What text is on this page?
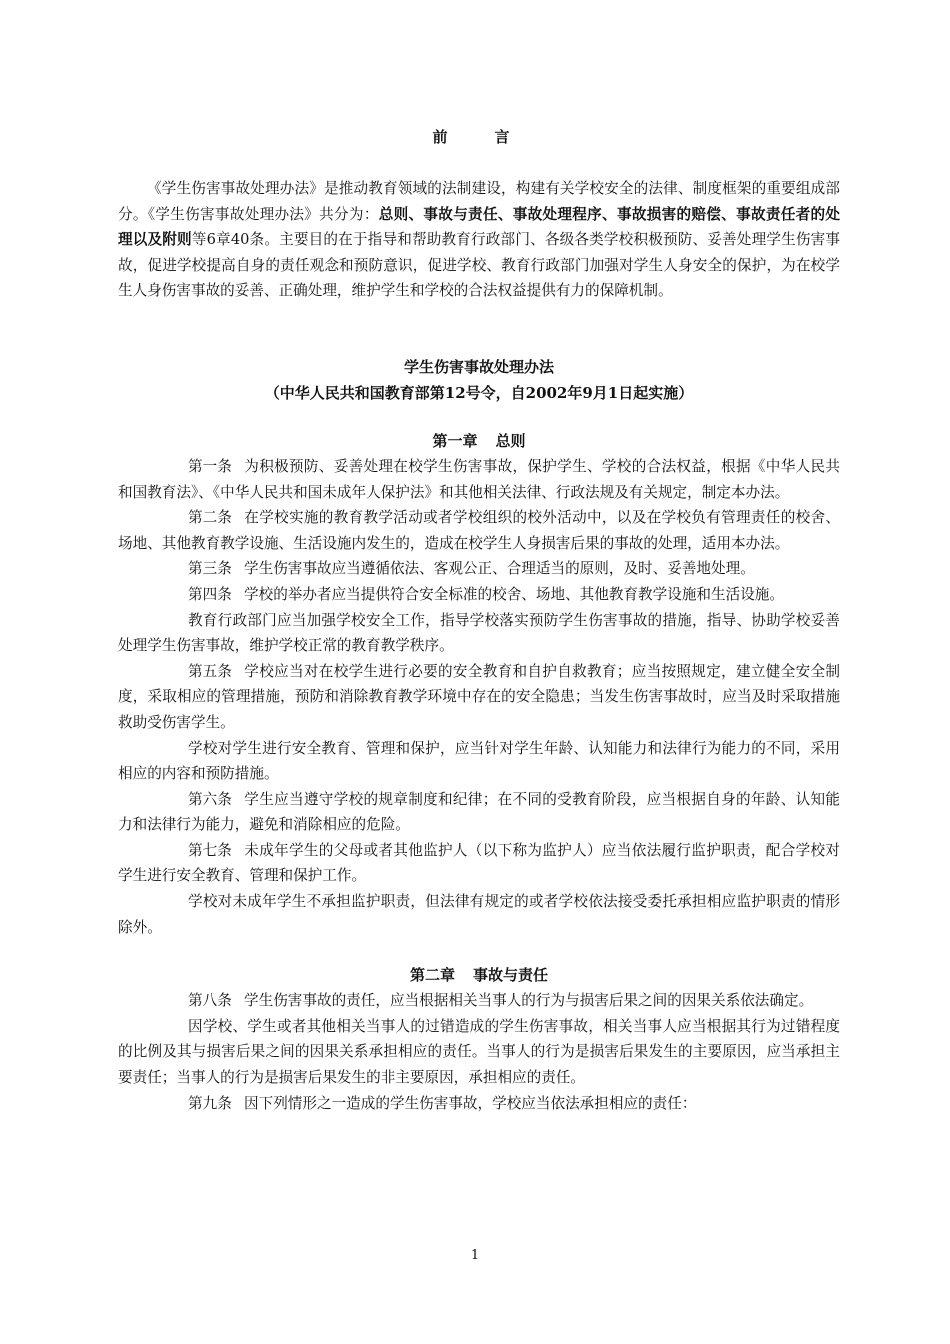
前　言

《学生伤害事故处理办法》是推动教育领域的法制建设，构建有关学校安全的法律、制度框架的重要组成部分。《学生伤害事故处理办法》共分为：总则、事故与责任、事故处理程序、事故损害的赔偿、事故责任者的处理以及附则等6章40条。主要目的在于指导和帮助教育行政部门、各级各类学校积极预防、妥善处理学生伤害事故，促进学校提高自身的责任观念和预防意识，促进学校、教育行政部门加强对学生人身安全的保护，为在校学生人身伤害事故的妥善、正确处理，维护学生和学校的合法权益提供有力的保障机制。

学生伤害事故处理办法
（中华人民共和国教育部第12号令，自2002年9月1日起实施）
第一章 总则

第一条 为积极预防、妥善处理在校学生伤害事故，保护学生、学校的合法权益，根据《中华人民共和国教育法》、《中华人民共和国未成年人保护法》和其他相关法律、行政法规及有关规定，制定本办法。

第二条 在学校实施的教育教学活动或者学校组织的校外活动中，以及在学校负有管理责任的校舍、场地、其他教育教学设施、生活设施内发生的，造成在校学生人身损害后果的事故的处理，适用本办法。

第三条 学生伤害事故应当遵循依法、客观公正、合理适当的原则，及时、妥善地处理。

第四条 学校的举办者应当提供符合安全标准的校舍、场地、其他教育教学设施和生活设施。

教育行政部门应当加强学校安全工作，指导学校落实预防学生伤害事故的措施，指导、协助学校妥善处理学生伤害事故，维护学校正常的教育教学秩序。

第五条 学校应当对在校学生进行必要的安全教育和自护自救教育；应当按照规定，建立健全安全制度，采取相应的管理措施，预防和消除教育教学环境中存在的安全隐患；当发生伤害事故时，应当及时采取措施救助受伤害学生。

学校对学生进行安全教育、管理和保护，应当针对学生年龄、认知能力和法律行为能力的不同，采用相应的内容和预防措施。

第六条 学生应当遵守学校的规章制度和纪律；在不同的受教育阶段，应当根据自身的年龄、认知能力和法律行为能力，避免和消除相应的危险。

第七条 未成年学生的父母或者其他监护人（以下称为监护人）应当依法履行监护职责，配合学校对学生进行安全教育、管理和保护工作。

学校对未成年学生不承担监护职责，但法律有规定的或者学校依法接受委托承担相应监护职责的情形除外。

第二章 事故与责任

第八条 学生伤害事故的责任，应当根据相关当事人的行为与损害后果之间的因果关系依法确定。

因学校、学生或者其他相关当事人的过错造成的学生伤害事故，相关当事人应当根据其行为过错程度的比例及其与损害后果之间的因果关系承担相应的责任。当事人的行为是损害后果发生的主要原因，应当承担主要责任；当事人的行为是损害后果发生的非主要原因，承担相应的责任。

第九条 因下列情形之一造成的学生伤害事故，学校应当依法承担相应的责任：

1
